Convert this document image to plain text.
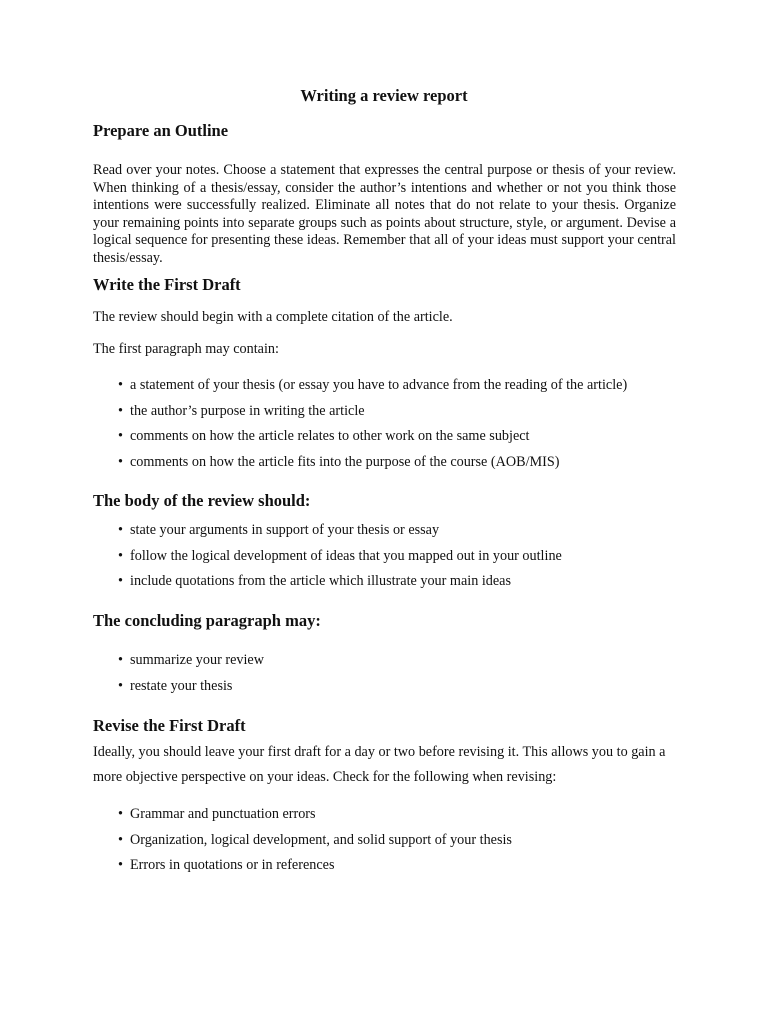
Writing a review report
Prepare an Outline

Read over your notes. Choose a statement that expresses the central purpose or thesis of your review. When thinking of a thesis/essay, consider the author’s intentions and whether or not you think those intentions were successfully realized. Eliminate all notes that do not relate to your thesis. Organize your remaining points into separate groups such as points about structure, style, or argument. Devise a logical sequence for presenting these ideas. Remember that all of your ideas must support your central thesis/essay.

Write the First Draft

The review should begin with a complete citation of the article.

The first paragraph may contain:

• a statement of your thesis (or essay you have to advance from the reading of the article)
• the author’s purpose in writing the article
• comments on how the article relates to other work on the same subject
• comments on how the article fits into the purpose of the course (AOB/MIS)
The body of the review should:
• state your arguments in support of your thesis or essay
• follow the logical development of ideas that you mapped out in your outline
• include quotations from the article which illustrate your main ideas
The concluding paragraph may:
• summarize your review
• restate your thesis
Revise the First Draft

Ideally, you should leave your first draft for a day or two before revising it. This allows you to gain a more objective perspective on your ideas. Check for the following when revising:

• Grammar and punctuation errors
• Organization, logical development, and solid support of your thesis
• Errors in quotations or in references
